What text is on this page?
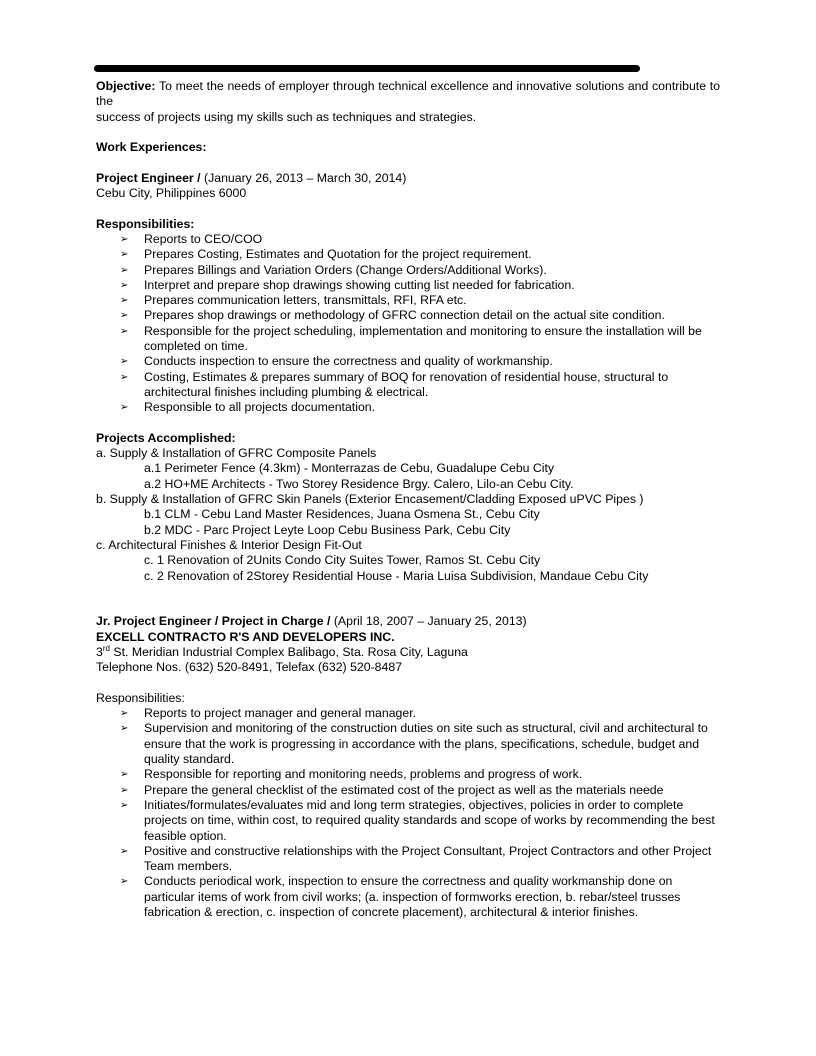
Objective: To meet the needs of employer through technical excellence and innovative solutions and contribute to the

success of projects using my skills such as techniques and strategies.

Work Experiences:

Project Engineer / (January 26, 2013 – March 30, 2014)

Cebu City, Philippines 6000

Responsibilities:

➢ Reports to CEO/COO
➢ Prepares Costing, Estimates and Quotation for the project requirement.
➢ Prepares Billings and Variation Orders (Change Orders/Additional Works).
➢ Interpret and prepare shop drawings showing cutting list needed for fabrication.
➢ Prepares communication letters, transmittals, RFI, RFA etc.
➢ Prepares shop drawings or methodology of GFRC connection detail on the actual site condition.
➢ Responsible for the project scheduling, implementation and monitoring to ensure the installation will be completed on time.
➢ Conducts inspection to ensure the correctness and quality of workmanship.
➢ Costing, Estimates & prepares summary of BOQ for renovation of residential house, structural to architectural finishes including plumbing & electrical.
➢ Responsible to all projects documentation.

Projects Accomplished:

a. Supply & Installation of GFRC Composite Panels

a.1 Perimeter Fence (4.3km) - Monterrazas de Cebu, Guadalupe Cebu City

a.2 HO+ME Architects - Two Storey Residence Brgy. Calero, Lilo-an Cebu City.

b. Supply & Installation of GFRC Skin Panels (Exterior Encasement/Cladding Exposed uPVC Pipes )

b.1 CLM - Cebu Land Master Residences, Juana Osmena St., Cebu City

b.2 MDC - Parc Project Leyte Loop Cebu Business Park, Cebu City

c. Architectural Finishes & Interior Design Fit-Out

c. 1 Renovation of 2Units Condo City Suites Tower, Ramos St. Cebu City

c. 2 Renovation of 2Storey Residential House - Maria Luisa Subdivision, Mandaue Cebu City

Jr. Project Engineer / Project in Charge / (April 18, 2007 – January 25, 2013)

EXCELL CONTRACTO R'S AND DEVELOPERS INC.

3rd St. Meridian Industrial Complex Balibago, Sta. Rosa City, Laguna

Telephone Nos. (632) 520-8491, Telefax (632) 520-8487

Responsibilities:

➢ Reports to project manager and general manager.
➢ Supervision and monitoring of the construction duties on site such as structural, civil and architectural to ensure that the work is progressing in accordance with the plans, specifications, schedule, budget and quality standard.
➢ Responsible for reporting and monitoring needs, problems and progress of work.
➢ Prepare the general checklist of the estimated cost of the project as well as the materials neede
➢ Initiates/formulates/evaluates mid and long term strategies, objectives, policies in order to complete projects on time, within cost, to required quality standards and scope of works by recommending the best feasible option.
➢ Positive and constructive relationships with the Project Consultant, Project Contractors and other Project Team members.
➢ Conducts periodical work, inspection to ensure the correctness and quality workmanship done on particular items of work from civil works; (a. inspection of formworks erection, b. rebar/steel trusses fabrication & erection, c. inspection of concrete placement), architectural & interior finishes.
